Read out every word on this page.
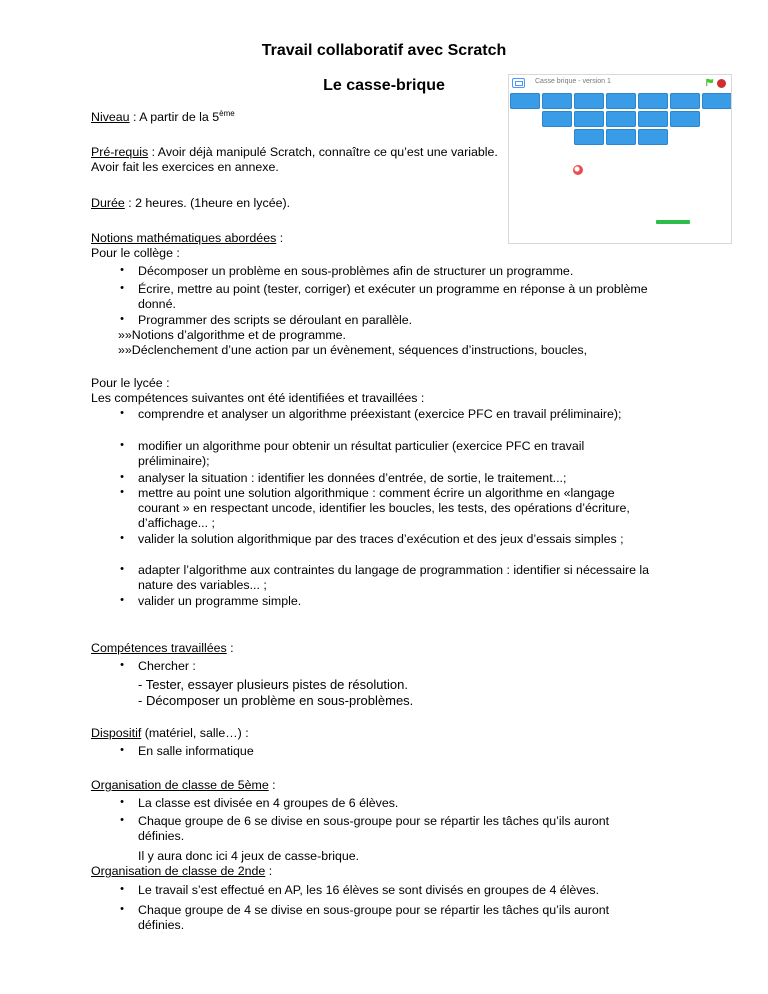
Travail collaboratif avec Scratch
Le casse-brique	Casse brique - version 1
Niveau : A partir de la 5ème
Pré-requis : Avoir déjà manipulé Scratch, connaître ce qu’est une variable.
Avoir fait les exercices en annexe.
Durée : 2 heures. (1heure en lycée).
Notions mathématiques abordées :
Pour le collège :
• Décomposer un problème en sous-problèmes afin de structurer un programme.
• Écrire, mettre au point (tester, corriger) et exécuter un programme en réponse à un problème donné.
• Programmer des scripts se déroulant en parallèle.
»»Notions d’algorithme et de programme.
»»Déclenchement d’une action par un évènement, séquences d’instructions, boucles,
Pour le lycée :
Les compétences suivantes ont été identifiées et travaillées :
• comprendre et analyser un algorithme préexistant (exercice PFC en travail préliminaire);
• modifier un algorithme pour obtenir un résultat particulier (exercice PFC en travail préliminaire);
• analyser la situation : identifier les données d’entrée, de sortie, le traitement...;
• mettre au point une solution algorithmique : comment écrire un algorithme en «langage courant » en respectant uncode, identifier les boucles, les tests, des opérations d’écriture, d’affichage... ;
• valider la solution algorithmique par des traces d’exécution et des jeux d’essais simples ;
• adapter l’algorithme aux contraintes du langage de programmation : identifier si nécessaire la nature des variables... ;
• valider un programme simple.
Compétences travaillées :
• Chercher :
- Tester, essayer plusieurs pistes de résolution.
- Décomposer un problème en sous-problèmes.
Dispositif (matériel, salle…) :
• En salle informatique
Organisation de classe de 5ème :
• La classe est divisée en 4 groupes de 6 élèves.
• Chaque groupe de 6 se divise en sous-groupe pour se répartir les tâches qu’ils auront définies.
Il y aura donc ici 4 jeux de casse-brique.
Organisation de classe de 2nde :
• Le travail s’est effectué en AP, les 16 élèves se sont divisés en groupes de 4 élèves.
• Chaque groupe de 4 se divise en sous-groupe pour se répartir les tâches qu’ils auront définies.
